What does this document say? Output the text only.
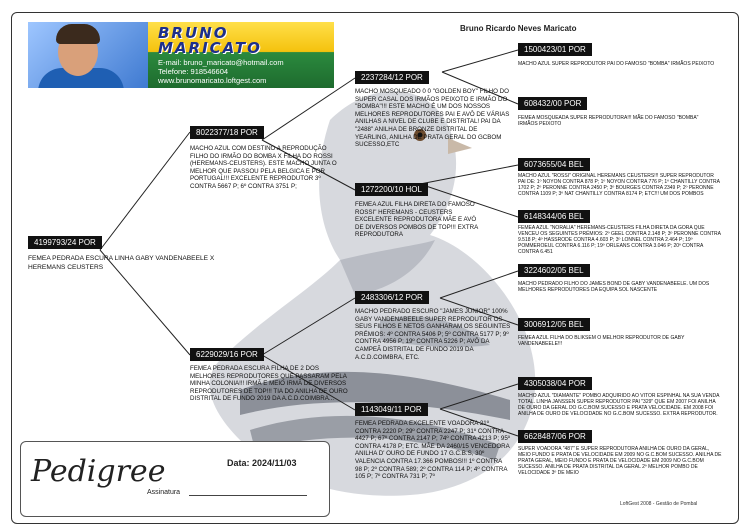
BRUNO
MARICATO
E-mail: bruno_maricato@hotmail.com
Telefone: 918546604
www.brunomaricato.loftgest.com
Bruno Ricardo Neves Maricato
4199793/24 POR
FEMEA PEDRADA ESCURA LINHA GABY VANDENABEELE X HEREMANS CEUSTERS
8022377/18 POR
MACHO AZUL COM DESTINO A REPRODUÇÃO FILHO DO IRMÃO DO BOMBA X FILHA DO ROSSI (HEREMANS-CEUSTERS). ESTE MACHO JUNTA O MELHOR QUE PASSOU PELA BELGICA E POR PORTUGAL!!! EXCELENTE REPRODUTOR 3º CONTRA 5667 P; 6º CONTRA 3751 P;
6229029/16 POR
FEMEA PEDRADA ESCURA FILHA DE 2 DOS MELHORES REPRODUTORES QUE PASSARAM PELA MINHA COLONIA!!! IRMÃ E MEIO IRMÃ DE DIVERSOS REPRODUTORES DE TOP!!! TIA DO ANILHA DE OURO DISTRITAL DE FUNDO 2019 DA A.C.D.COIMBRA...
2237284/12 POR
MACHO MOSQUEADO 0 0 "GOLDEN BOY" FILHO DO SUPER CASAL DOS IRMÃOS PEIXOTO E IRMÃO DO "BOMBA"!!! ESTE MACHO É UM DOS NOSSOS MELHORES REPRODUTORES PAI E AVÔ DE VÁRIAS ANILHAS A NIVEL DE CLUBE E DISTRITAL! PAI DA "2488" ANILHA DE BRONZE DISTRITAL DE YEARLING, ANILHA DE PRATA GERAL DO GCBOM SUCESSO,ETC
1272200/10 HOL
FEMEA AZUL FILHA DIRETA DO FAMOSO ROSSI" HEREMANS - CEUSTERS EXCELENTE REPRODUTORA MÃE E AVÓ DE DIVERSOS POMBOS DE TOP!!! EXTRA REPRODUTORA
2483306/12 POR
MACHO PEDRADO ESCURO "JAMES JUNIOR" 100% GABY VANDENABEELE SUPER REPRODUTOR OS SEUS FILHOS E NETOS GANHARAM OS SEGUINTES PRÉMIOS: 4º CONTRA 5406 P; 5º CONTRA 5177 P; 9º CONTRA 4956 P; 19º CONTRA 5226 P; AVÔ DA CAMPEÃ DISTRITAL DE FUNDO 2019 DA A.C.D.COIMBRA, ETC.
1143049/11 POR
FEMEA PEDRADA EXCELENTE VOADORA 21º CONTRA 2220 P; 29º CONTRA 2247 P; 31º CONTRA 4427 P; 67º CONTRA 2147 P; 74º CONTRA 4213 P; 95º CONTRA 4178 P; ETC. MÃE DA 2460/15 VENCEDORA ANILHA D' OURO DE FUNDO 17 G.C.B.S, 30º VALENCIA CONTRA 17.366 POMBOS!!! 1º CONTRA 98 P; 2º CONTRA 589; 2º CONTRA 114 P; 4º CONTRA 105 P; 7º CONTRA 731 P; 7º
1500423/01 POR
MACHO AZUL SUPER REPRODUTOR PAI DO FAMOSO "BOMBA" IRMÃOS PEIXOTO
608432/00 POR
FEMEA MOSQUEADA SUPER REPRODUTORA!!! MÃE DO FAMOSO "BOMBA" IRMÃOS PEIXOTO
6073655/04 BEL
MACHO AZUL "ROSSI" ORIGINAL HEREMANS CEUSTERS!!! SUPER REPRODUTOR PAI DE: 1º NOYON CONTRA 878 P; 1º NOYON CONTRA 776 P; 1º CHANTILLY CONTRA 1702 P; 2º PERONNE CONTRA 2450 P; 3º BOURGES CONTRA 2349 P; 2º PERONNE CONTRA 1109 P; 3º NAT CHANTILLY CONTRA 8174 P; ETC!!! UM DOS POMBOS
6148344/06 BEL
FEMEA AZUL "NORALIA" HEREMANS-CEUSTERS FILHA DIRETA DA GORA QUE VENCEU OS SEGUINTES PRÉMIOS: 2º GEEL CONTRA 2.148 P; 3º PERONNE CONTRA 9.518 P; 4º HASSRODE CONTRA 4.603 P; 3º LONNEL CONTRA 2.464 P; 19º POMMEROEUL CONTRA 6.116 P; 19º ORLEANS CONTRA 3.046 P; 20º CONTRA CONTRA 6.451
3224602/05 BEL
MACHO PEDRADO FILHO DO JAMES BOND DE GABY VANDENABEELE. UM DOS MELHORES REPRODUTORES DA EQUIPA SOL NASCENTE
3006912/05 BEL
FEMEA AZUL FILHA DO BLIKSEM O MELHOR REPRODUTOR DE GABY VANDENABEELE!!!
4305038/04 POR
MACHO AZUL "DIAMANTE" POMBO ADQUIRIDO AO VITOR ESPINHAL NA SUA VENDA TOTAL. LINHA JANSSEN SUPER REPRODUTOR PAI "329" QUE EM 2007 FOI ANILHA DE OURO DA GERAL DO G.C.BOM SUCESSO E PRATA VELOCIDADE. EM 2008 FOI ANILHA DE OURO DE VELOCIDADE NO G.C.BOM SUCESSO. EXTRA REPRODUTOR.
6628487/06 POR
SUPER VOADORA "487" E SUPER REPRODUTORA ANILHA DE OURO DA GERAL, MEIO FUNDO E PRATA DE VELOCIDADE EM 2009 NO G.C.BOM SUCESSO. ANILHA DE PRATA GERAL, MEIO FUNDO E PRATA DE VELOCIDADE EM 2009 NO G.C.BOM SUCESSO. ANILHA DE PRATA DISTRITAL DA GERAL 2º MELHOR POMBO DE VELOCIDADE 3º DE MEIO
Pedigree	Data: 2024/11/03
Assinatura
LoftGest 2008 - Gestão de Pombal
